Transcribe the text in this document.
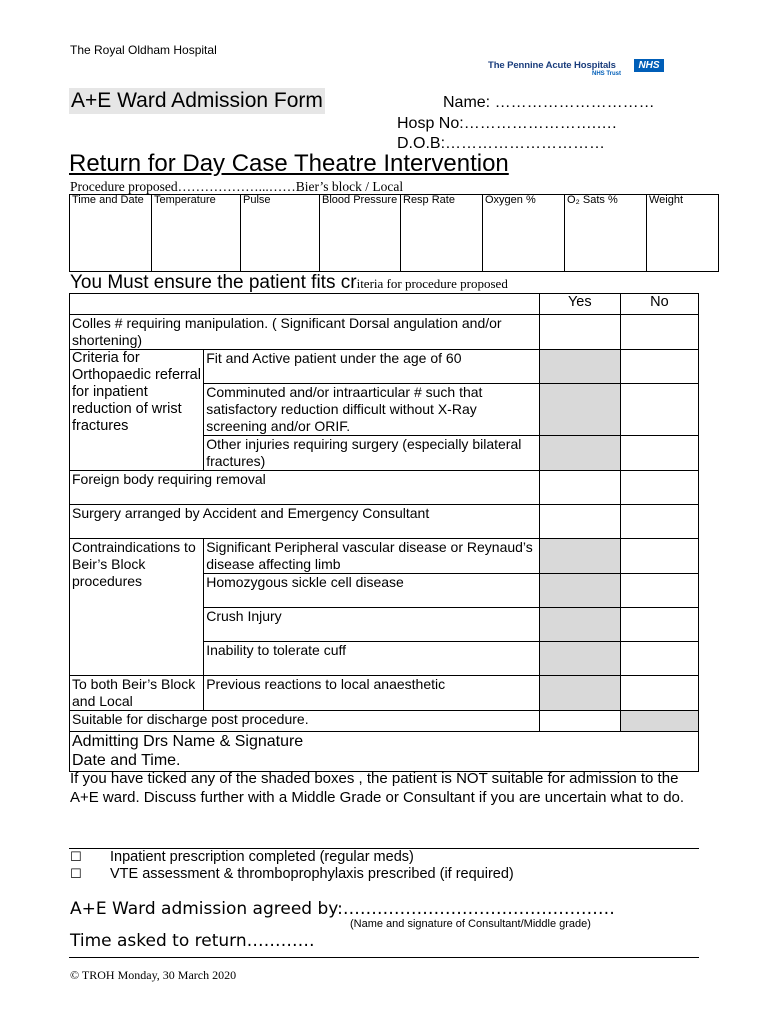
The Royal Oldham Hospital
The Pennine Acute Hospitals	NHS
NHS Trust
A+E Ward Admission Form	Name: …………………………
Hosp No:…………………….….
D.O.B:…………………………
Return for Day Case Theatre Intervention
Procedure proposed………………...……Bier’s block / Local
Time and Date	Temperature	Pulse	Blood Pressure	Resp Rate	Oxygen %	O₂ Sats %	Weight
You Must ensure the patient fits criteria for procedure proposed
		Yes	No
Colles # requiring manipulation. ( Significant Dorsal angulation and/or shortening)			
Criteria for Orthopaedic referral for inpatient reduction of wrist fractures	Fit and Active patient under the age of 60		
	Comminuted and/or intraarticular # such that satisfactory reduction difficult without X-Ray screening and/or ORIF.		
	Other injuries requiring surgery (especially bilateral fractures)		
Foreign body requiring removal			
Surgery arranged by Accident and Emergency Consultant			
Contraindications to Beir’s Block procedures	Significant Peripheral vascular disease or Reynaud’s disease affecting limb		
	Homozygous sickle cell disease		
	Crush Injury		
	Inability to tolerate cuff		
To both Beir’s Block and Local	Previous reactions to local anaesthetic		
Suitable for discharge post procedure.			

Admitting Drs Name & Signature
Date and Time.			
If you have ticked any of the shaded boxes , the patient is NOT suitable for admission to the A+E ward. Discuss further with a Middle Grade or Consultant if you are uncertain what to do.
☐ Inpatient prescription completed (regular meds)
☐ VTE assessment & thromboprophylaxis prescribed (if required)
A+E Ward admission agreed by:…………………………………………
(Name and signature of Consultant/Middle grade)
Time asked to return…………
© TROH Monday, 30 March 2020
